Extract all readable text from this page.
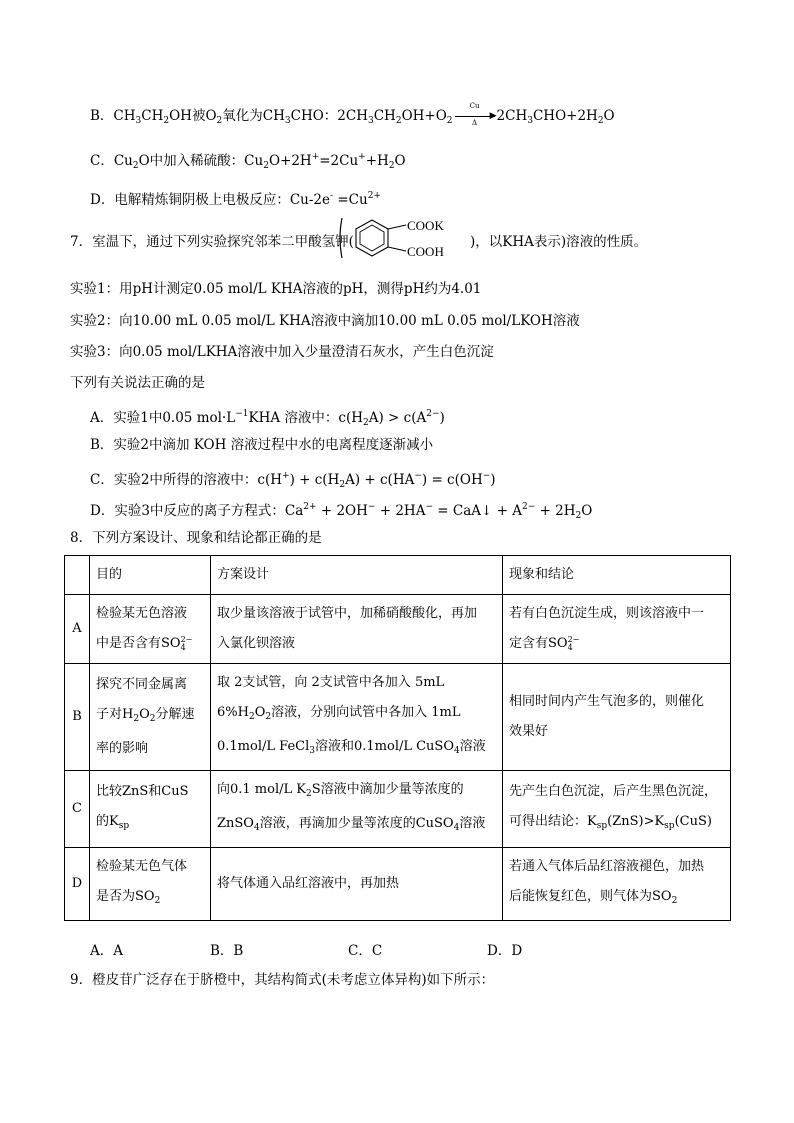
B．$CH_3CH_2OH$被$O_2$氧化为$CH_3CHO$：$2CH_3CH_2OH+O_2$
Cu
▶
Δ	$2CH_3CHO+2H_2O$
C．$Cu_2O$中加入稀硫酸：$Cu_2O+2H^+=2Cu^++H_2O$
D．电解精炼铜阴极上电极反应：$Cu-2e^- =Cu^{2+}$
7．室温下，通过下列实验探究邻苯二甲酸氢钾(
COOK
COOH
)，以KHA表示)溶液的性质。
实验1：用pH计测定0.05 mol/L KHA溶液的pH，测得pH约为4.01
实验2：向10.00 mL 0.05 mol/L KHA溶液中滴加10.00 mL 0.05 mol/LKOH溶液
实验3：向0.05 mol/LKHA溶液中加入少量澄清石灰水，产生白色沉淀
下列有关说法正确的是
A．实验1中0.05 $mol\cdot L^{-1}KHA$ 溶液中：$c(H_2A) > c(A^{2-})$
B．实验2中滴加 KOH 溶液过程中水的电离程度逐渐减小
C．实验2中所得的溶液中：$c(H^+) + c(H_2A) + c(HA^-) = c(OH^-)$
D．实验3中反应的离子方程式：$Ca^{2+} + 2OH^- + 2HA^-$ = CaA↓ + $A^{2-} + 2H_2O$
8．下列方案设计、现象和结论都正确的是
	目的	方案设计	现象和结论
A	检验某无色溶液
中是否含有SO2−
4	取少量该溶液于试管中，加稀硝酸酸化，再加
入氯化钡溶液	若有白色沉淀生成，则该溶液中一
定含有SO2−
4
B	探究不同金属离
子对$H_2O_2$分解速
率的影响	取 2支试管，向 2支试管中各加入 5mL
$6\%H_2O_2$溶液，分别向试管中各加入 1mL
0.1mol/L FeCl$_3$溶液和0.1mol/L CuSO$_4$溶液	相同时间内产生气泡多的，则催化
效果好
C	比较ZnS和CuS
的$K_{sp}$	向0.1 mol/L $K_2S$溶液中滴加少量等浓度的
ZnSO$_4$溶液，再滴加少量等浓度的CuSO$_4$溶液	先产生白色沉淀，后产生黑色沉淀，
可得出结论：$K_{sp}(ZnS)>K_{sp}(CuS)$
D	检验某无色气体
是否为$SO_2$	将气体通入品红溶液中，再加热	若通入气体后品红溶液褪色，加热
后能恢复红色，则气体为$SO_2$
A．A	B．B	C．C	D．D
9．橙皮苷广泛存在于脐橙中，其结构简式(未考虑立体异构)如下所示：
